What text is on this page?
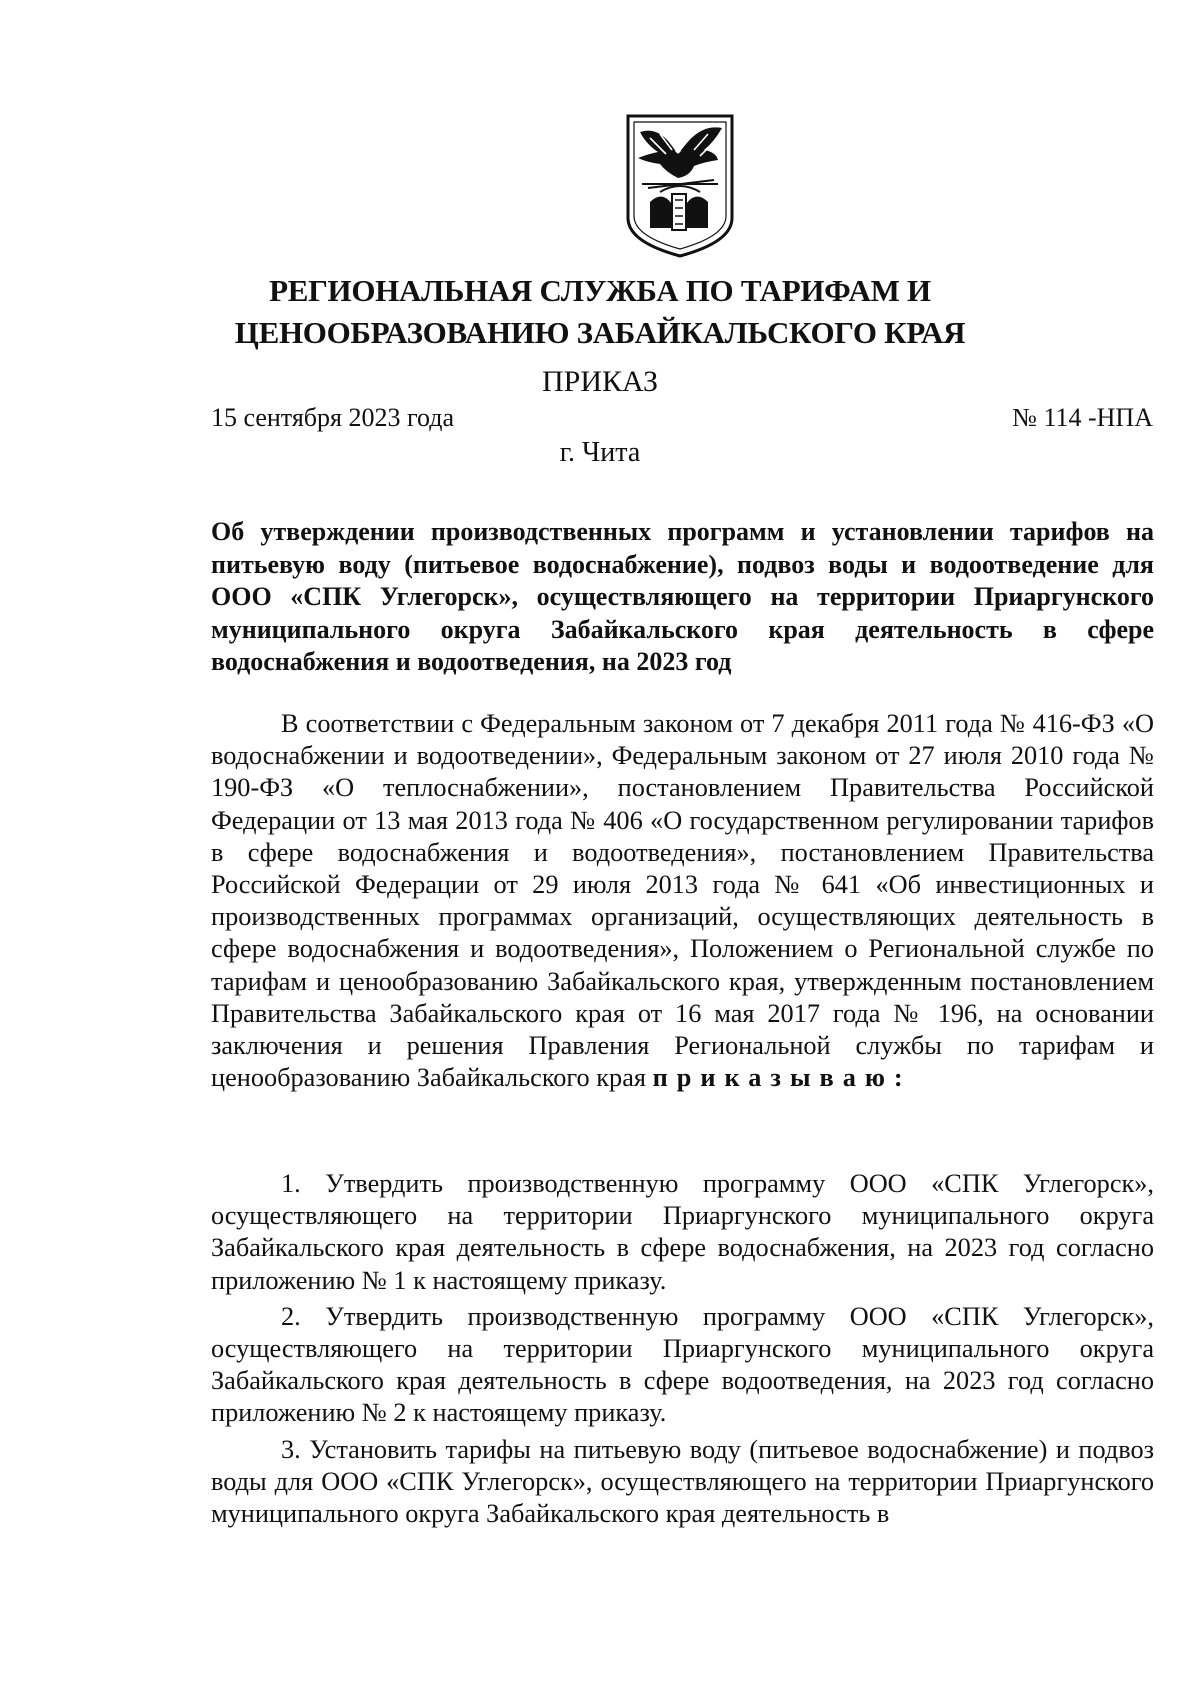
РЕГИОНАЛЬНАЯ СЛУЖБА ПО ТАРИФАМ И
ЦЕНООБРАЗОВАНИЮ ЗАБАЙКАЛЬСКОГО КРАЯ
ПРИКАЗ
15 сентября 2023 года	№ 114 -НПА
г. Чита
Об утверждении производственных программ и установлении тарифов на питьевую воду (питьевое водоснабжение), подвоз воды и водоотведение для ООО «СПК Углегорск», осуществляющего на территории Приаргунского муниципального округа Забайкальского края деятельность в сфере водоснабжения и водоотведения, на 2023 год

В соответствии с Федеральным законом от 7 декабря 2011 года № 416-ФЗ «О водоснабжении и водоотведении», Федеральным законом от 27 июля 2010 года № 190-ФЗ «О теплоснабжении», постановлением Правительства Российской Федерации от 13 мая 2013 года № 406 «О государственном регулировании тарифов в сфере водоснабжения и водоотведения», постановлением Правительства Российской Федерации от 29 июля 2013 года № 641 «Об инвестиционных и производственных программах организаций, осуществляющих деятельность в сфере водоснабжения и водоотведения», Положением о Региональной службе по тарифам и ценообразованию Забайкальского края, утвержденным постановлением Правительства Забайкальского края от 16 мая 2017 года № 196, на основании заключения и решения Правления Региональной службы по тарифам и ценообразованию Забайкальского края приказываю:

1. Утвердить производственную программу ООО «СПК Углегорск», осуществляющего на территории Приаргунского муниципального округа Забайкальского края деятельность в сфере водоснабжения, на 2023 год согласно приложению № 1 к настоящему приказу.

2. Утвердить производственную программу ООО «СПК Углегорск», осуществляющего на территории Приаргунского муниципального округа Забайкальского края деятельность в сфере водоотведения, на 2023 год согласно приложению № 2 к настоящему приказу.

3. Установить тарифы на питьевую воду (питьевое водоснабжение) и подвоз воды для ООО «СПК Углегорск», осуществляющего на территории Приаргунского муниципального округа Забайкальского края деятельность в
